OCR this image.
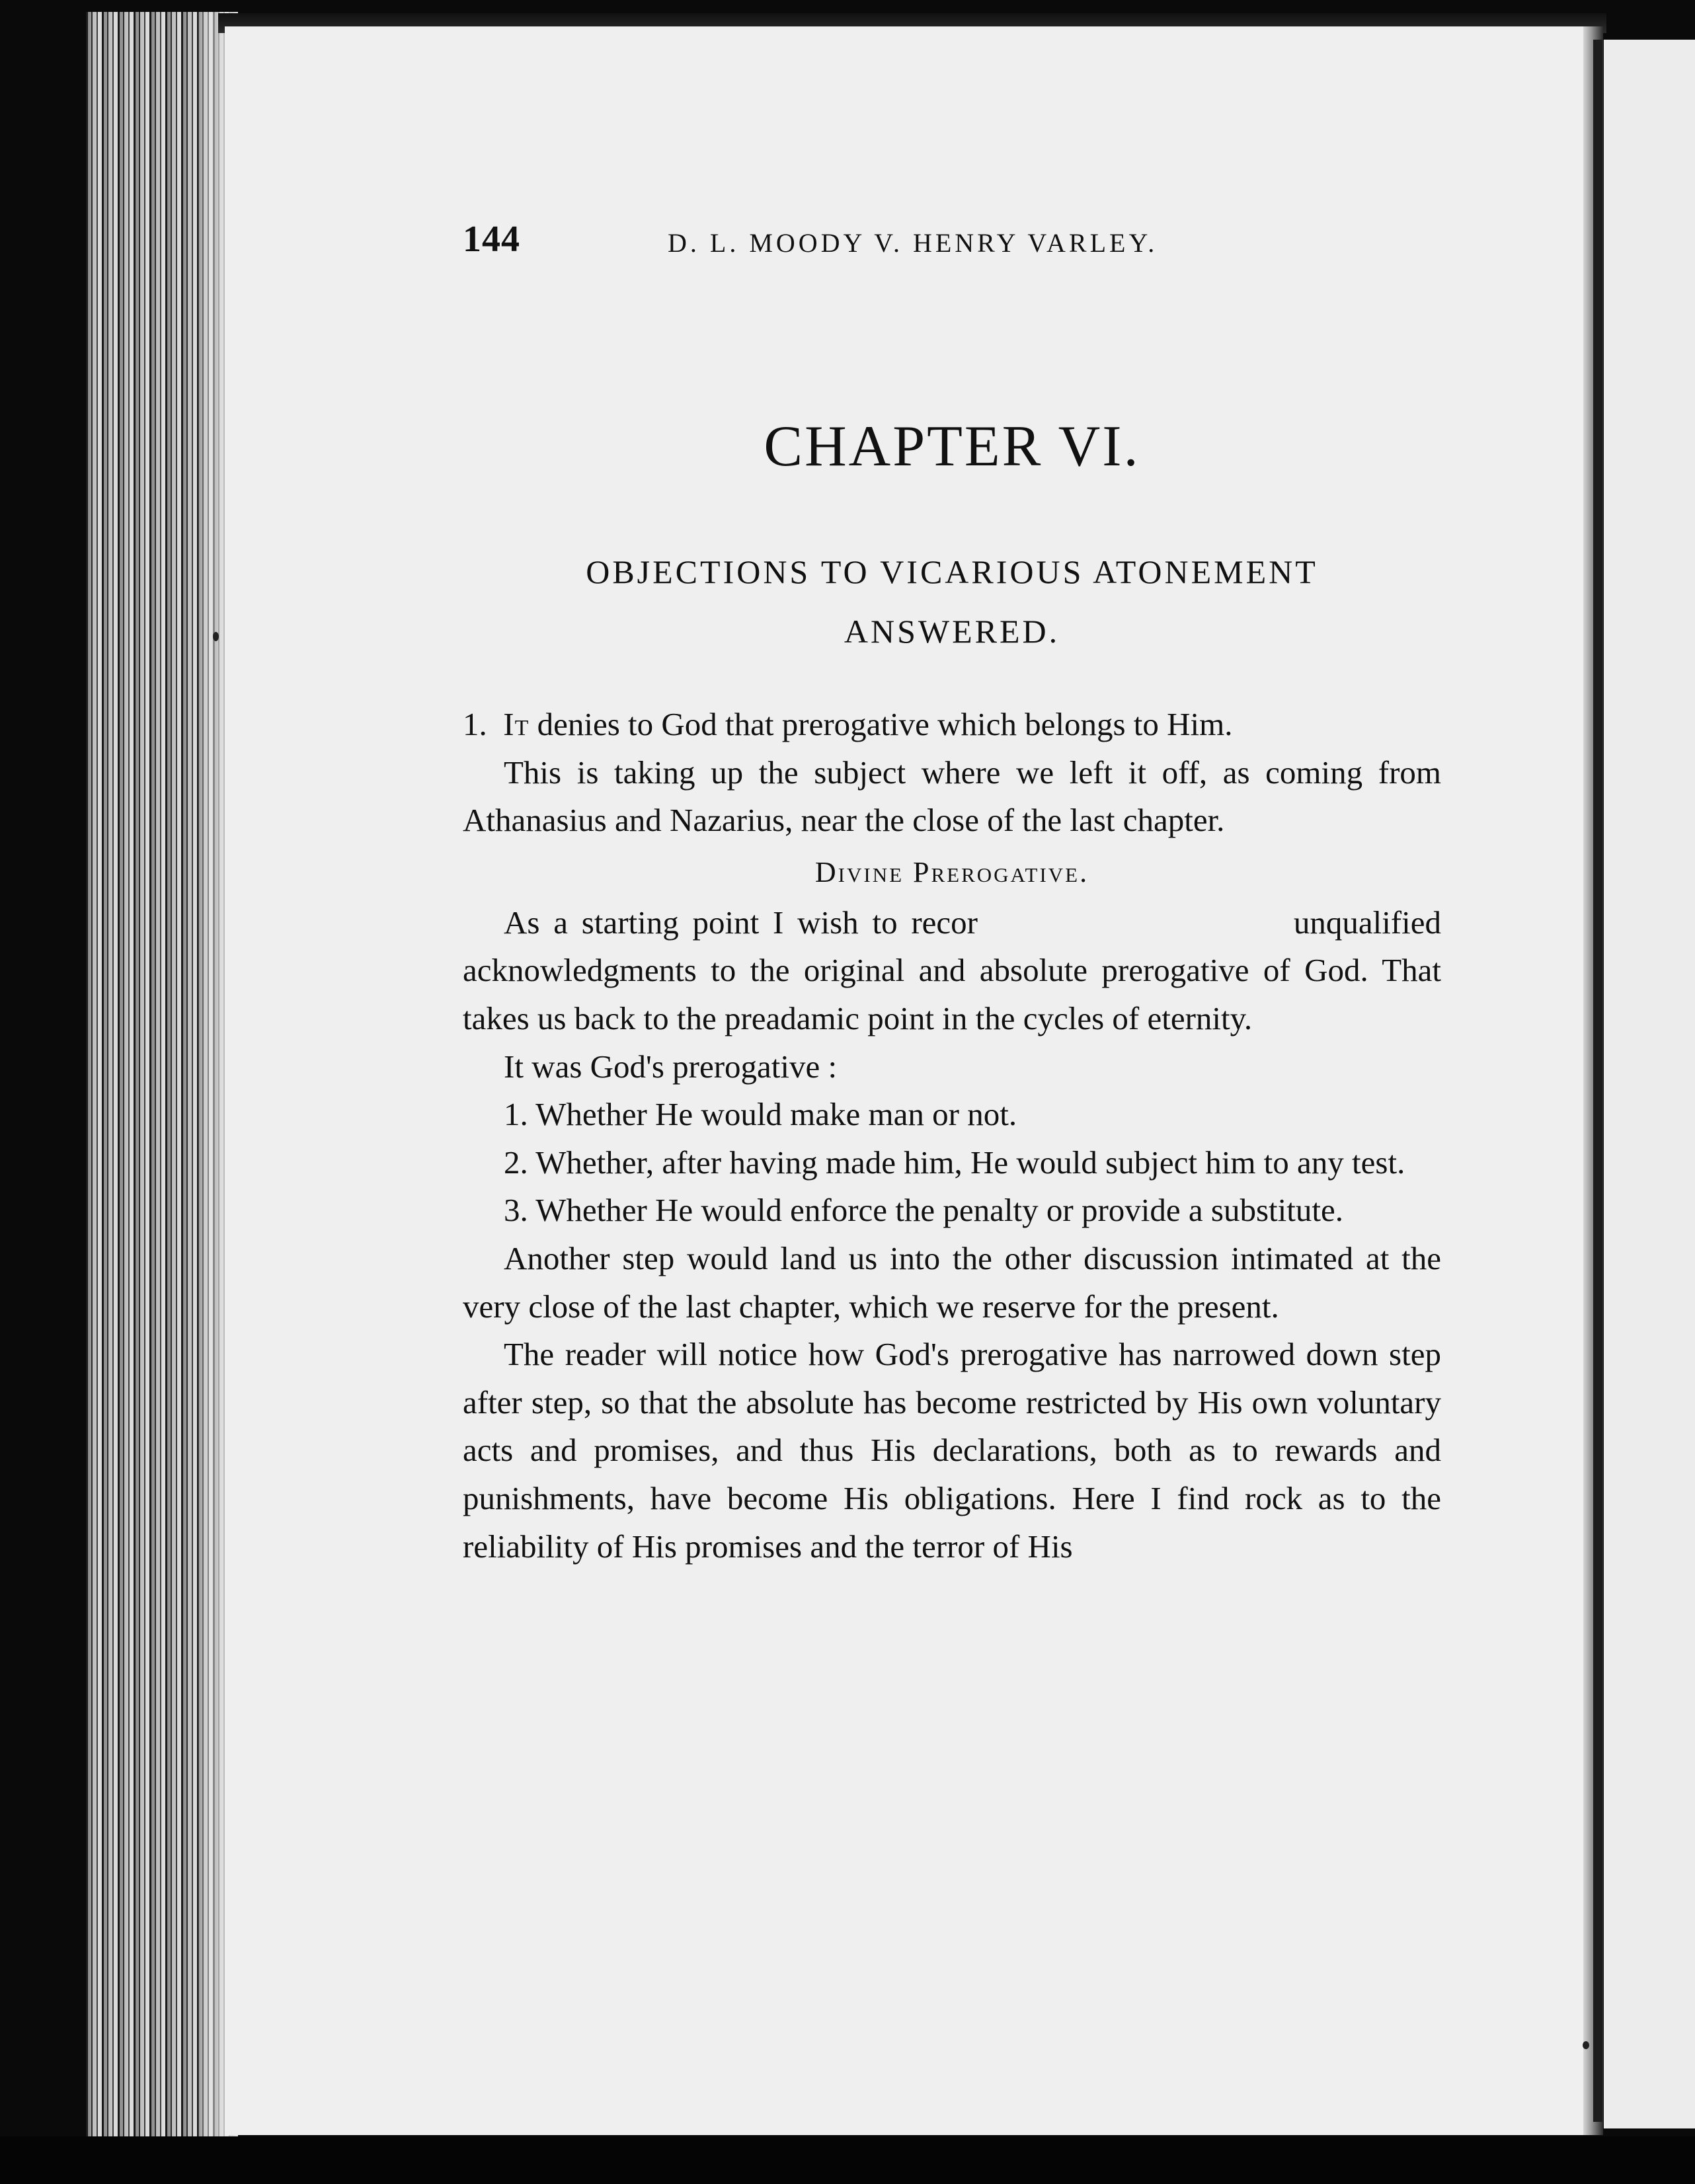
144	D. L. MOODY V. HENRY VARLEY.
CHAPTER VI.
OBJECTIONS TO VICARIOUS ATONEMENT
ANSWERED.

1. It denies to God that prerogative which belongs to Him.

This is taking up the subject where we left it off, as coming from Athanasius and Nazarius, near the close of the last chapter.

Divine Prerogative.

As a starting point I wish to recor                       unqualified acknowledgments to the original and absolute prerogative of God. That takes us back to the preadamic point in the cycles of eternity.

It was God's prerogative :

1. Whether He would make man or not.

2. Whether, after having made him, He would subject him to any test.

3. Whether He would enforce the penalty or provide a substitute.

Another step would land us into the other discussion intimated at the very close of the last chapter, which we reserve for the present.

The reader will notice how God's prerogative has narrowed down step after step, so that the absolute has become restricted by His own voluntary acts and promises, and thus His declarations, both as to rewards and punishments, have become His obligations. Here I find rock as to the reliability of His promises and the terror of His
